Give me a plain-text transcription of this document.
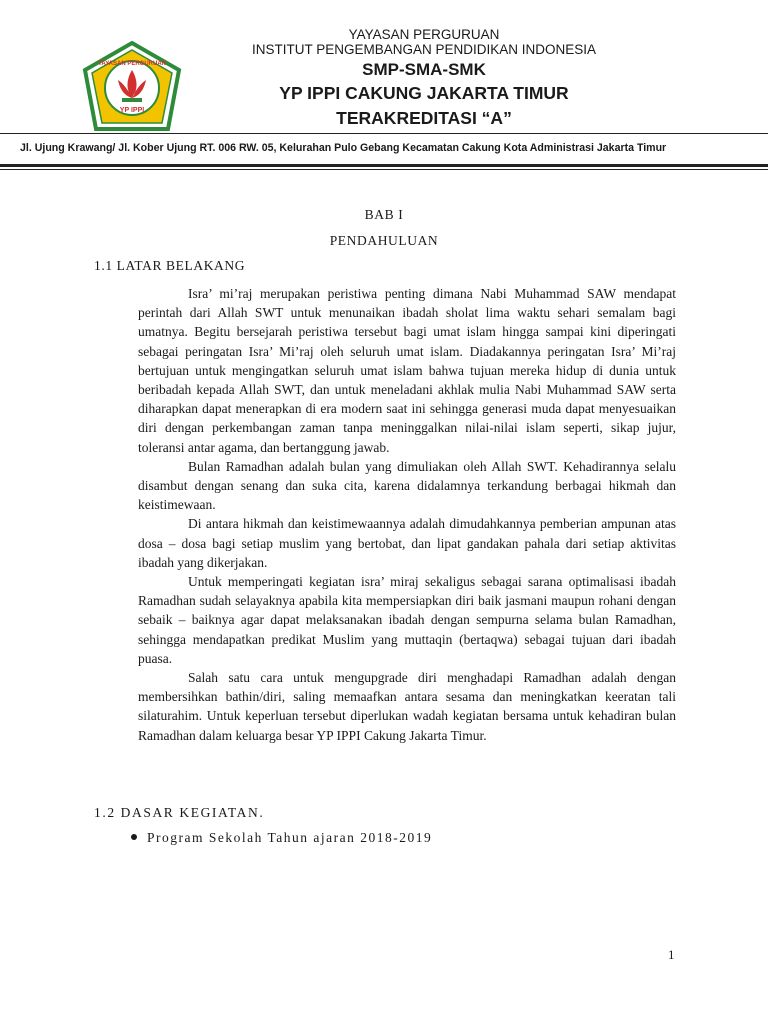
YAYASAN PERGURUAN
YP IPPI
YAYASAN PERGURUAN
INSTITUT PENGEMBANGAN PENDIDIKAN INDONESIA
SMP-SMA-SMK
YP IPPI CAKUNG JAKARTA TIMUR
TERAKREDITASI “A”
Jl. Ujung Krawang/ Jl. Kober Ujung RT. 006 RW. 05, Kelurahan Pulo Gebang Kecamatan Cakung Kota Administrasi Jakarta Timur
BAB I
PENDAHULUAN
1.1 LATAR BELAKANG

Isra’ mi’raj merupakan peristiwa penting dimana Nabi Muhammad SAW mendapat perintah dari Allah SWT untuk menunaikan ibadah sholat lima waktu sehari semalam bagi umatnya. Begitu bersejarah peristiwa tersebut bagi umat islam hingga sampai kini diperingati sebagai peringatan Isra’ Mi’raj oleh seluruh umat islam. Diadakannya peringatan Isra’ Mi’raj bertujuan untuk mengingatkan seluruh umat islam bahwa tujuan mereka hidup di dunia untuk beribadah kepada Allah SWT, dan untuk meneladani akhlak mulia Nabi Muhammad SAW serta diharapkan dapat menerapkan di era modern saat ini sehingga generasi muda dapat menyesuaikan diri dengan perkembangan zaman tanpa meninggalkan nilai-nilai islam seperti, sikap jujur, toleransi antar agama, dan bertanggung jawab.

Bulan Ramadhan adalah bulan yang dimuliakan oleh Allah SWT. Kehadirannya selalu disambut dengan senang dan suka cita, karena didalamnya terkandung berbagai hikmah dan keistimewaan.

Di antara hikmah dan keistimewaannya adalah dimudahkannya pemberian ampunan atas dosa – dosa bagi setiap muslim yang bertobat, dan lipat gandakan pahala dari setiap aktivitas ibadah yang dikerjakan.

Untuk memperingati kegiatan isra’ miraj sekaligus sebagai sarana optimalisasi ibadah Ramadhan sudah selayaknya apabila kita mempersiapkan diri baik jasmani maupun rohani dengan sebaik – baiknya agar dapat melaksanakan ibadah dengan sempurna selama bulan Ramadhan, sehingga mendapatkan predikat Muslim yang muttaqin (bertaqwa) sebagai tujuan dari ibadah puasa.

Salah satu cara untuk mengupgrade diri menghadapi Ramadhan adalah dengan membersihkan bathin/diri, saling memaafkan antara sesama dan meningkatkan keeratan tali silaturahim. Untuk keperluan tersebut diperlukan wadah kegiatan bersama untuk kehadiran bulan Ramadhan dalam keluarga besar YP IPPI Cakung Jakarta Timur.

1.2 DASAR KEGIATAN.
Program Sekolah Tahun ajaran 2018-2019
1
